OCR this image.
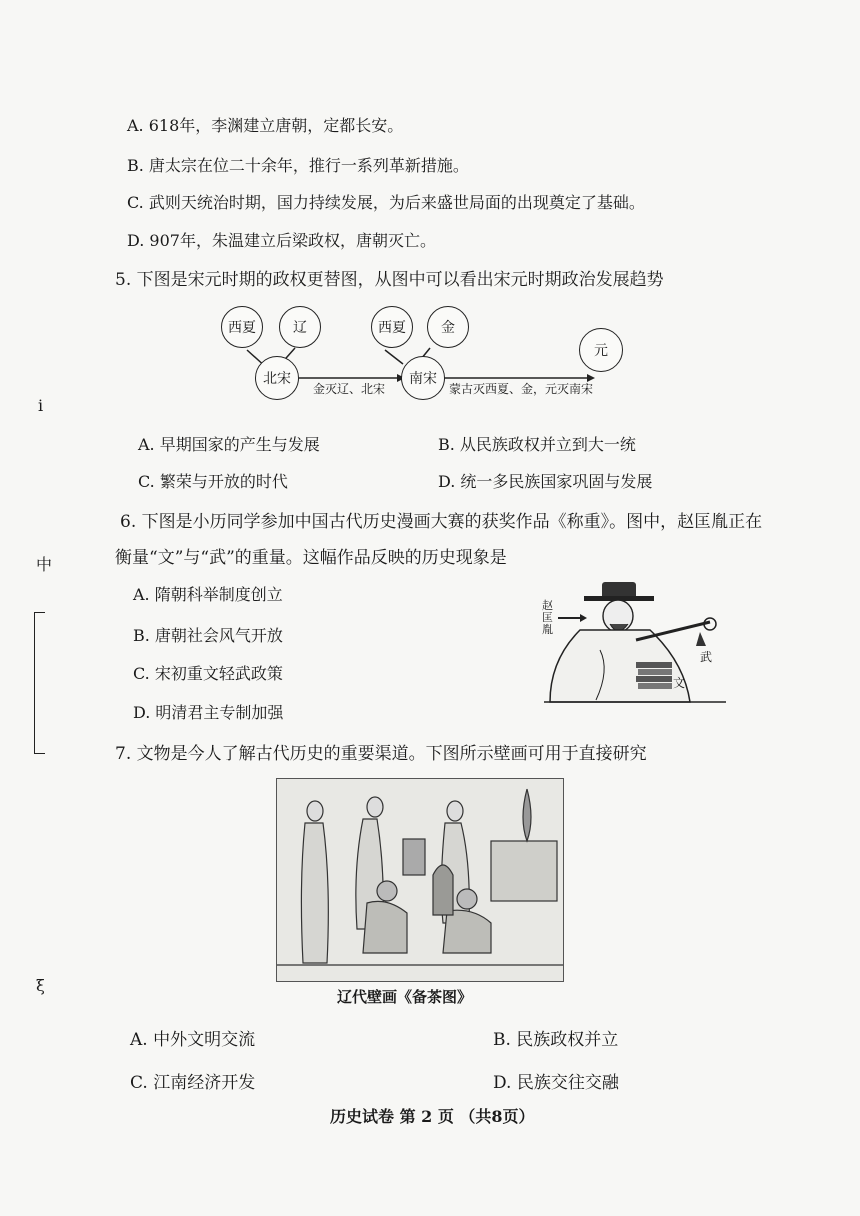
A. 618年，李渊建立唐朝，定都长安。
B. 唐太宗在位二十余年，推行一系列革新措施。
C. 武则天统治时期，国力持续发展，为后来盛世局面的出现奠定了基础。
D. 907年，朱温建立后梁政权，唐朝灭亡。
5. 下图是宋元时期的政权更替图，从图中可以看出宋元时期政治发展趋势
西夏	辽
北宋
西夏	金
南宋
元
金灭辽、北宋	蒙古灭西夏、金，元灭南宋
A. 早期国家的产生与发展	B. 从民族政权并立到大一统
C. 繁荣与开放的时代	D. 统一多民族国家巩固与发展
6. 下图是小历同学参加中国古代历史漫画大赛的获奖作品《称重》。图中，赵匡胤正在
衡量“文”与“武”的重量。这幅作品反映的历史现象是
A. 隋朝科举制度创立
B. 唐朝社会风气开放
C. 宋初重文轻武政策
D. 明清君主专制加强
赵匡胤
武
文
7. 文物是今人了解古代历史的重要渠道。下图所示壁画可用于直接研究
辽代壁画《备茶图》
A. 中外文明交流	B. 民族政权并立
C. 江南经济开发	D. 民族交往交融
i
中
ξ
历史试卷 第 2 页 （共8页）
